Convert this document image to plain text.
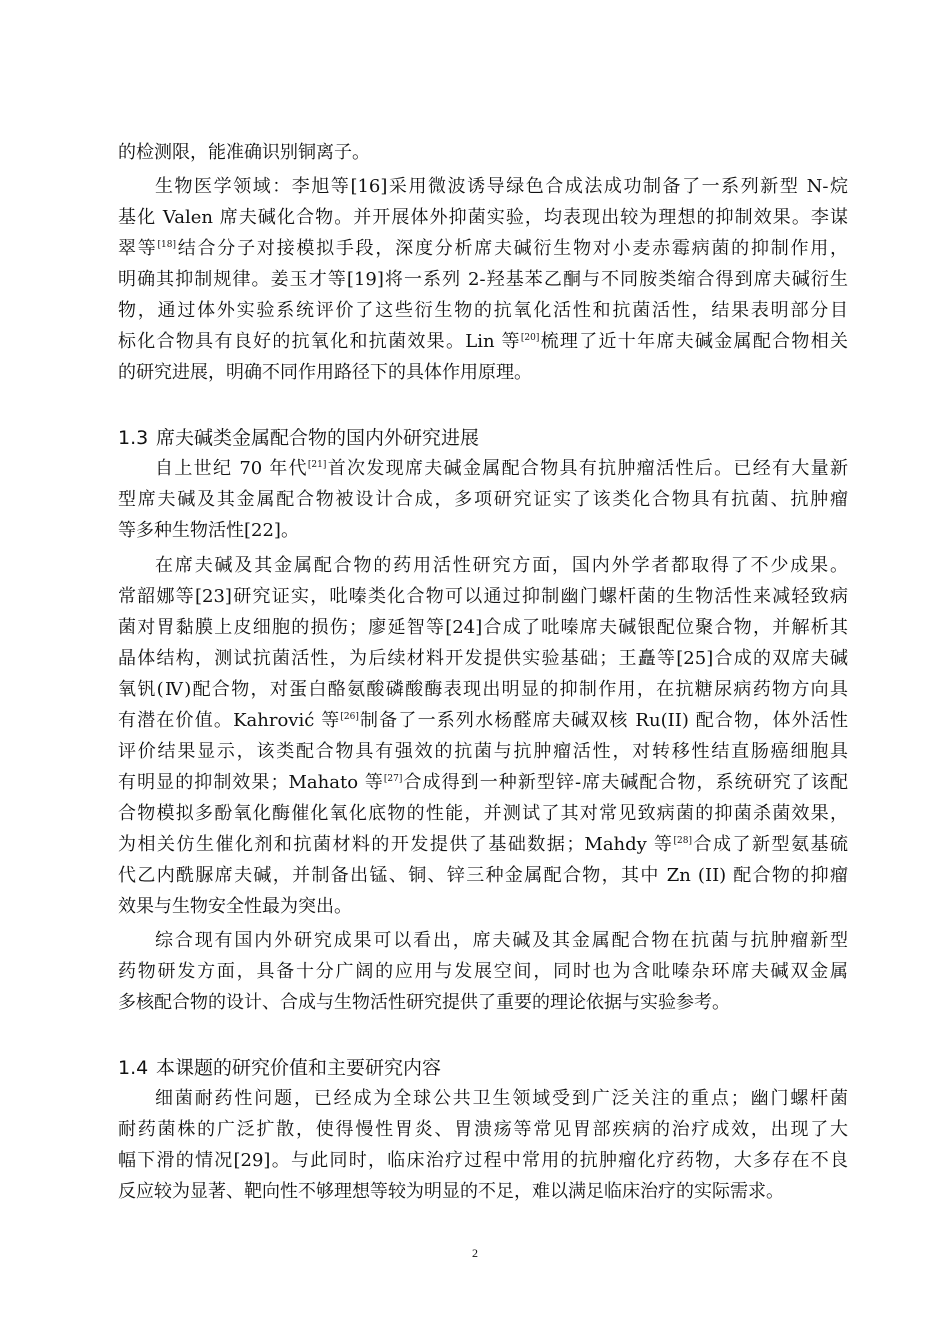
的检测限，能准确识别铜离子。
生物医学领域：李旭等[16]采用微波诱导绿色合成法成功制备了一系列新型 N-烷
基化 Valen 席夫碱化合物。并开展体外抑菌实验，均表现出较为理想的抑制效果。李谋
翠等[18]结合分子对接模拟手段，深度分析席夫碱衍生物对小麦赤霉病菌的抑制作用，
明确其抑制规律。姜玉才等[19]将一系列 2-羟基苯乙酮与不同胺类缩合得到席夫碱衍生
物，通过体外实验系统评价了这些衍生物的抗氧化活性和抗菌活性，结果表明部分目
标化合物具有良好的抗氧化和抗菌效果。Lin 等[20]梳理了近十年席夫碱金属配合物相关
的研究进展，明确不同作用路径下的具体作用原理。
1.3 席夫碱类金属配合物的国内外研究进展
自上世纪 70 年代[21]首次发现席夫碱金属配合物具有抗肿瘤活性后。已经有大量新
型席夫碱及其金属配合物被设计合成，多项研究证实了该类化合物具有抗菌、抗肿瘤
等多种生物活性[22]。
在席夫碱及其金属配合物的药用活性研究方面，国内外学者都取得了不少成果。
常韶娜等[23]研究证实，吡嗪类化合物可以通过抑制幽门螺杆菌的生物活性来减轻致病
菌对胃黏膜上皮细胞的损伤；廖延智等[24]合成了吡嗪席夫碱银配位聚合物，并解析其
晶体结构，测试抗菌活性，为后续材料开发提供实验基础；王矗等[25]合成的双席夫碱
氧钒(Ⅳ)配合物，对蛋白酪氨酸磷酸酶表现出明显的抑制作用，在抗糖尿病药物方向具
有潜在价值。Kahrović 等[26]制备了一系列水杨醛席夫碱双核 Ru(II) 配合物，体外活性
评价结果显示，该类配合物具有强效的抗菌与抗肿瘤活性，对转移性结直肠癌细胞具
有明显的抑制效果；Mahato 等[27]合成得到一种新型锌-席夫碱配合物，系统研究了该配
合物模拟多酚氧化酶催化氧化底物的性能，并测试了其对常见致病菌的抑菌杀菌效果，
为相关仿生催化剂和抗菌材料的开发提供了基础数据；Mahdy 等[28]合成了新型氨基硫
代乙内酰脲席夫碱，并制备出锰、铜、锌三种金属配合物，其中 Zn (II) 配合物的抑瘤
效果与生物安全性最为突出。
综合现有国内外研究成果可以看出，席夫碱及其金属配合物在抗菌与抗肿瘤新型
药物研发方面，具备十分广阔的应用与发展空间，同时也为含吡嗪杂环席夫碱双金属
多核配合物的设计、合成与生物活性研究提供了重要的理论依据与实验参考。
1.4 本课题的研究价值和主要研究内容
细菌耐药性问题，已经成为全球公共卫生领域受到广泛关注的重点；幽门螺杆菌
耐药菌株的广泛扩散，使得慢性胃炎、胃溃疡等常见胃部疾病的治疗成效，出现了大
幅下滑的情况[29]。与此同时，临床治疗过程中常用的抗肿瘤化疗药物，大多存在不良
反应较为显著、靶向性不够理想等较为明显的不足，难以满足临床治疗的实际需求。
2
